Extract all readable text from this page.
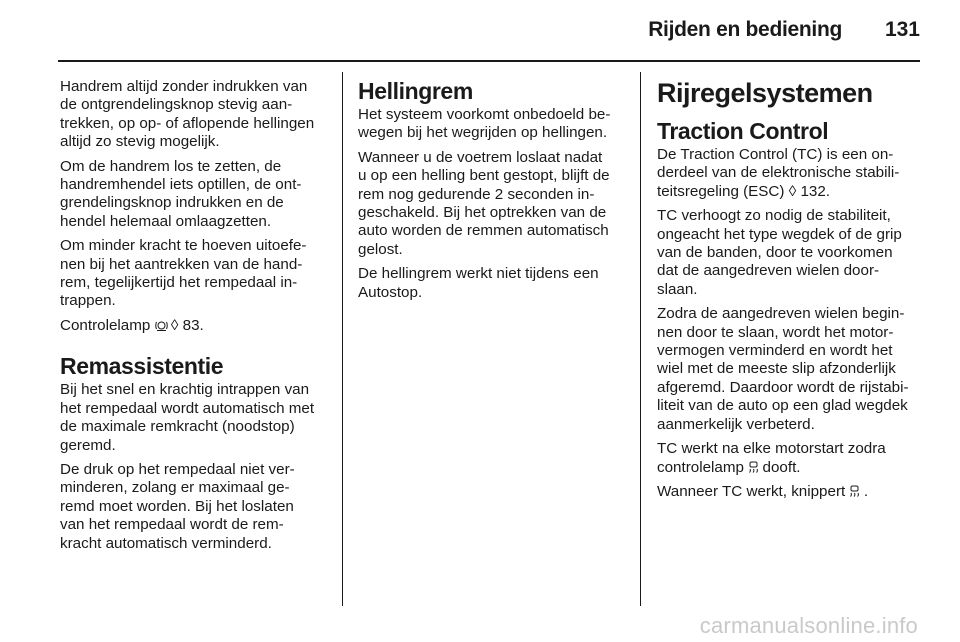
Rijden en bediening 131

Handrem altijd zonder indrukken van
de ontgrendelingsknop stevig aan-
trekken, op op- of aflopende hellingen
altijd zo stevig mogelijk.

Om de handrem los te zetten, de
handremhendel iets optillen, de ont-
grendelingsknop indrukken en de
hendel helemaal omlaagzetten.

Om minder kracht te hoeven uitoefe-
nen bij het aantrekken van de hand-
rem, tegelijkertijd het rempedaal in-
trappen.

Controlelamp ◊ 83.

Remassistentie

Bij het snel en krachtig intrappen van
het rempedaal wordt automatisch met
de maximale remkracht (noodstop)
geremd.

De druk op het rempedaal niet ver-
minderen, zolang er maximaal ge-
remd moet worden. Bij het loslaten
van het rempedaal wordt de rem-
kracht automatisch verminderd.

Hellingrem

Het systeem voorkomt onbedoeld be-
wegen bij het wegrijden op hellingen.

Wanneer u de voetrem loslaat nadat
u op een helling bent gestopt, blijft de
rem nog gedurende 2 seconden in-
geschakeld. Bij het optrekken van de
auto worden de remmen automatisch
gelost.

De hellingrem werkt niet tijdens een
Autostop.

Rijregelsystemen
Traction Control

De Traction Control (TC) is een on-
derdeel van de elektronische stabili-
teitsregeling (ESC) ◊ 132.

TC verhoogt zo nodig de stabiliteit,
ongeacht het type wegdek of de grip
van de banden, door te voorkomen
dat de aangedreven wielen door-
slaan.

Zodra de aangedreven wielen begin-
nen door te slaan, wordt het motor-
vermogen verminderd en wordt het
wiel met de meeste slip afzonderlijk
afgeremd. Daardoor wordt de rijstabi-
liteit van de auto op een glad wegdek
aanmerkelijk verbeterd.

TC werkt na elke motorstart zodra
controlelamp dooft.

Wanneer TC werkt, knippert .

carmanualsonline.info
